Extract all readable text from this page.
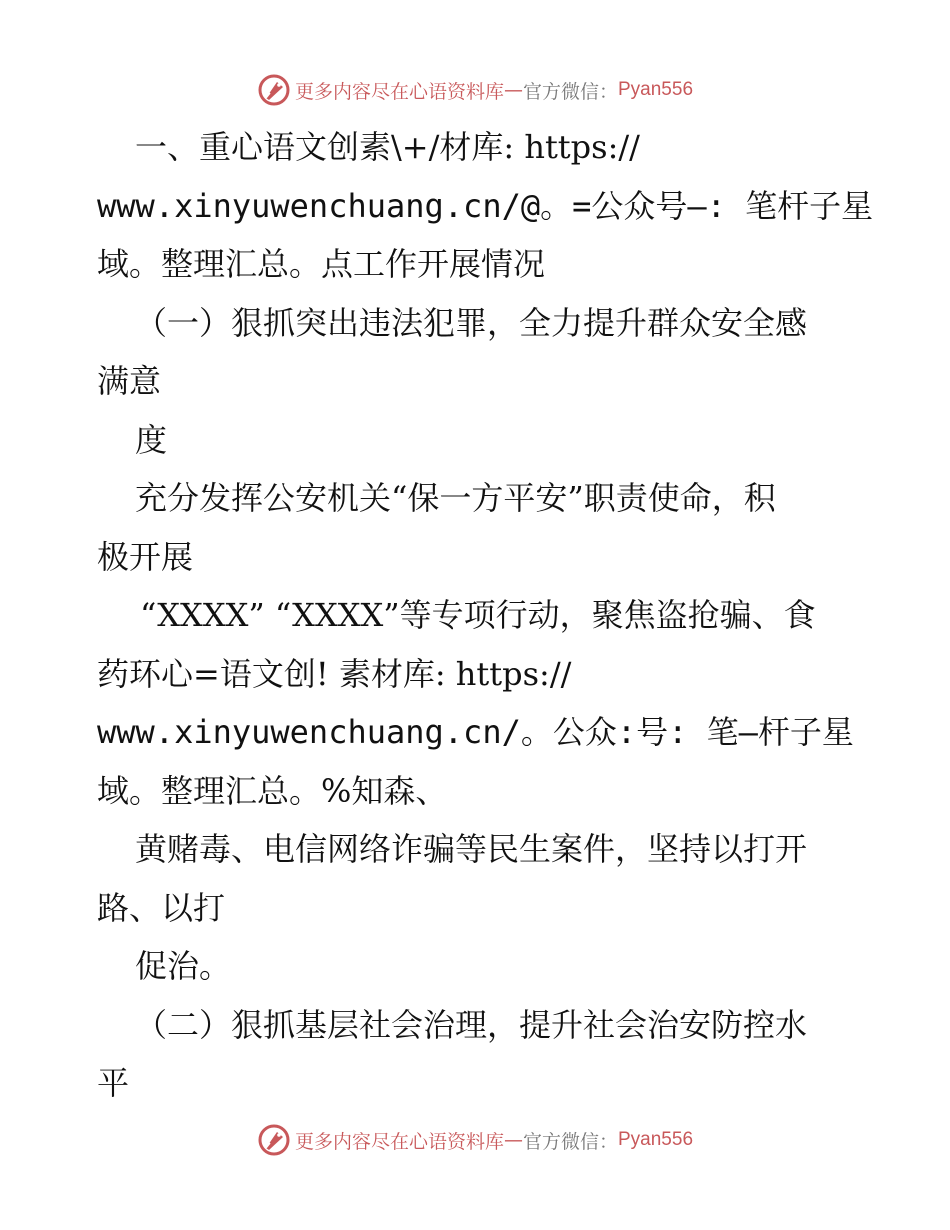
更多内容尽在心语资料库 — 官方微信： Pyan556
一、重心语文创素\+/材库: https://
www.xinyuwenchuang.cn/@。=公众号—: 笔杆子星
域。整理汇总。点工作开展情况
（一）狠抓突出违法犯罪，全力提升群众安全感
满意
度
充分发挥公安机关“保一方平安”职责使命，积
极开展
“XXXX” “XXXX”等专项行动，聚焦盗抢骗、食
药环心=语文创! 素材库: https://
www.xinyuwenchuang.cn/。公众:号: 笔—杆子星
域。整理汇总。%知森、
黄赌毒、电信网络诈骗等民生案件，坚持以打开
路、以打
促治。
（二）狠抓基层社会治理，提升社会治安防控水
平
更多内容尽在心语资料库 — 官方微信： Pyan556
